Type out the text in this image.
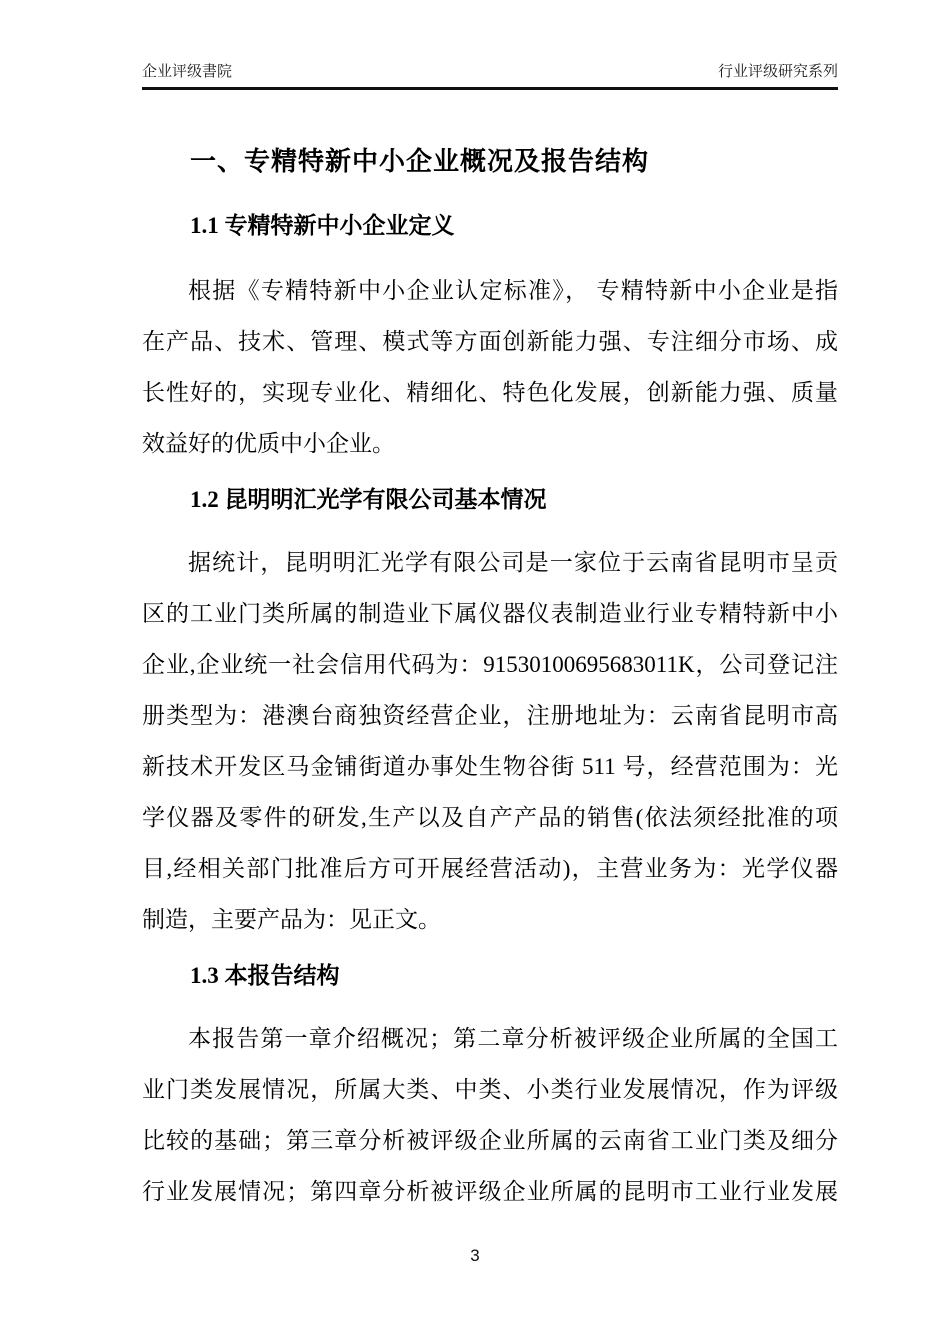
企业评级書院	行业评级研究系列
一、专精特新中小企业概况及报告结构
1.1 专精特新中小企业定义
根据《专精特新中小企业认定标准》， 专精特新中小企业是指
在产品、技术、管理、模式等方面创新能力强、专注细分市场、成
长性好的，实现专业化、精细化、特色化发展，创新能力强、质量
效益好的优质中小企业。
1.2 昆明明汇光学有限公司基本情况
据统计，昆明明汇光学有限公司是一家位于云南省昆明市呈贡
区的工业门类所属的制造业下属仪器仪表制造业行业专精特新中小
企业,企业统一社会信用代码为：91530100695683011K，公司登记注
册类型为：港澳台商独资经营企业，注册地址为：云南省昆明市高
新技术开发区马金铺街道办事处生物谷街 511 号，经营范围为：光
学仪器及零件的研发,生产以及自产产品的销售(依法须经批准的项
目,经相关部门批准后方可开展经营活动)，主营业务为：光学仪器
制造，主要产品为：见正文。
1.3 本报告结构
本报告第一章介绍概况；第二章分析被评级企业所属的全国工
业门类发展情况，所属大类、中类、小类行业发展情况，作为评级
比较的基础；第三章分析被评级企业所属的云南省工业门类及细分
行业发展情况；第四章分析被评级企业所属的昆明市工业行业发展
3
